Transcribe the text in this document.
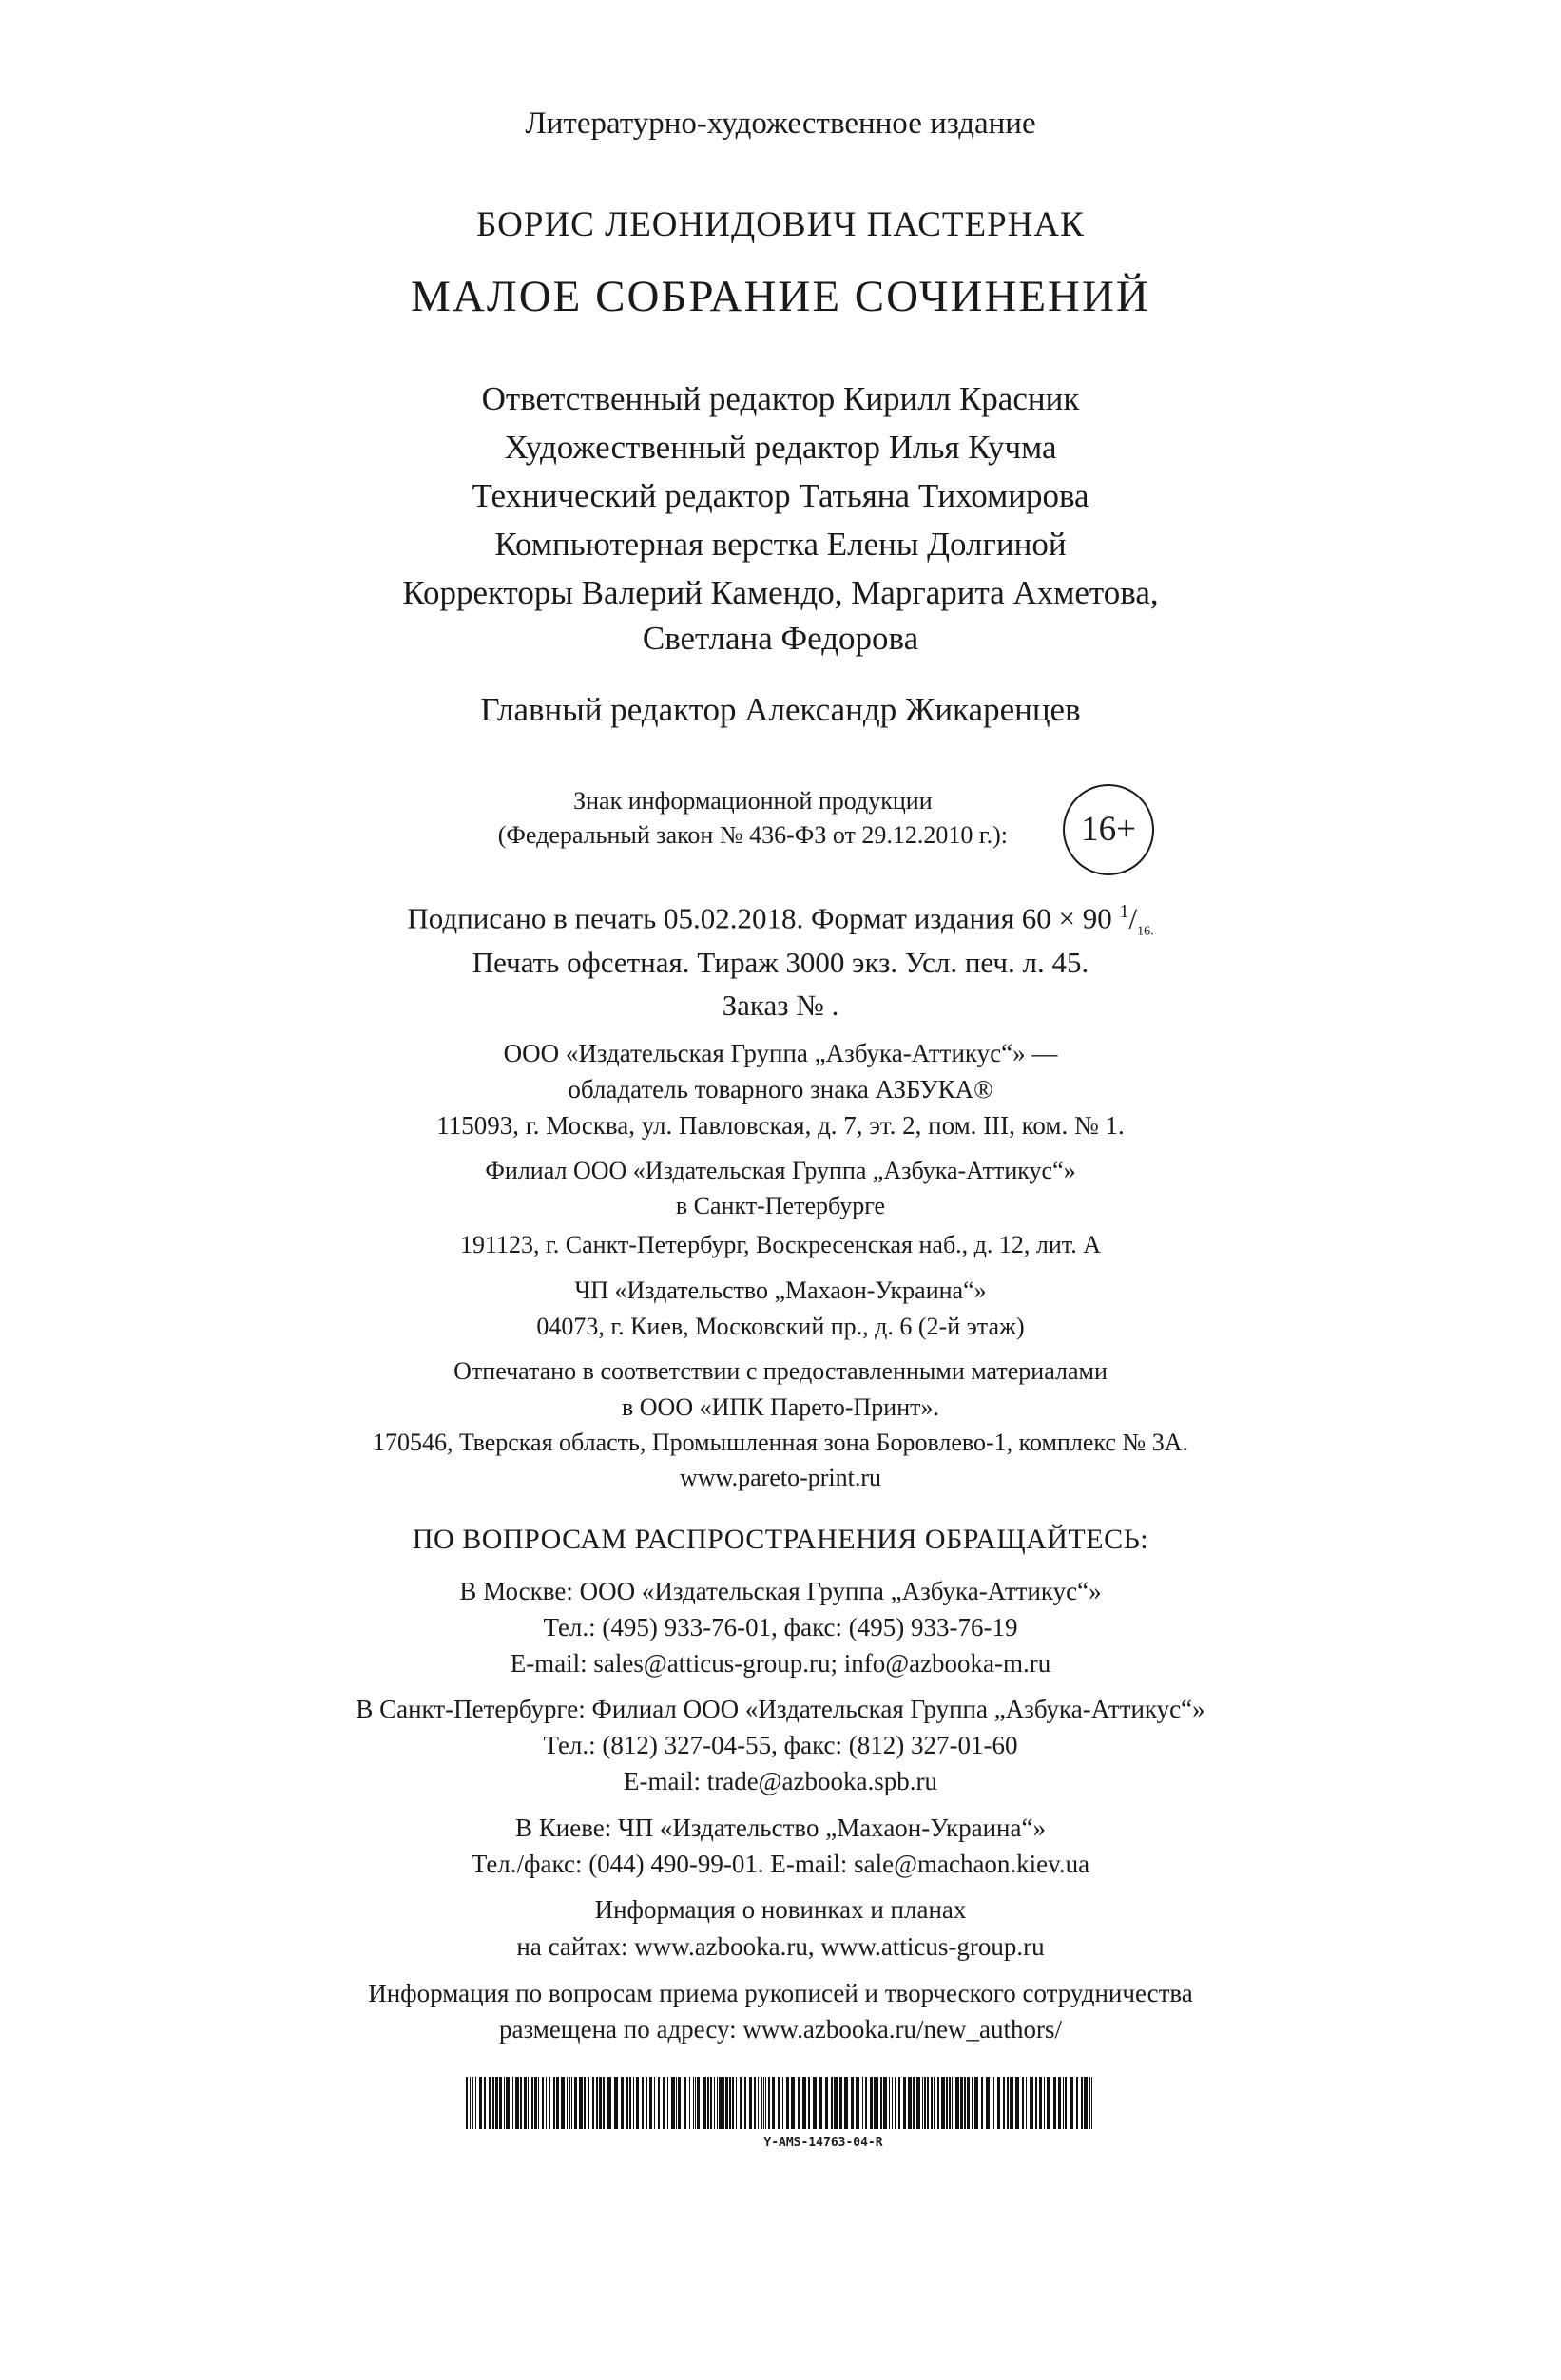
Литературно-художественное издание
БОРИС ЛЕОНИДОВИЧ ПАСТЕРНАК
МАЛОЕ СОБРАНИЕ СОЧИНЕНИЙ
Ответственный редактор Кирилл Красник
Художественный редактор Илья Кучма
Технический редактор Татьяна Тихомирова
Компьютерная верстка Елены Долгиной
Корректоры Валерий Камендо, Маргарита Ахметова,
Светлана Федорова
Главный редактор Александр Жикаренцев
Знак информационной продукции
(Федеральный закон № 436-ФЗ от 29.12.2010 г.):	16+
Подписано в печать 05.02.2018. Формат издания 60 × 90 $^1/_{16.}$
Печать офсетная. Тираж 3000 экз. Усл. печ. л. 45.
Заказ № .
ООО «Издательская Группа „Азбука-Аттикус“» —
обладатель товарного знака АЗБУКА®
115093, г. Москва, ул. Павловская, д. 7, эт. 2, пом. III, ком. № 1.
Филиал ООО «Издательская Группа „Азбука-Аттикус“»
в Санкт-Петербурге
191123, г. Санкт-Петербург, Воскресенская наб., д. 12, лит. А
ЧП «Издательство „Махаон-Украина“»
04073, г. Киев, Московский пр., д. 6 (2-й этаж)
Отпечатано в соответствии с предоставленными материалами
в ООО «ИПК Парето-Принт».
170546, Тверская область, Промышленная зона Боровлево-1, комплекс № 3А.
www.pareto-print.ru
ПО ВОПРОСАМ РАСПРОСТРАНЕНИЯ ОБРАЩАЙТЕСЬ:
В Москве: ООО «Издательская Группа „Азбука-Аттикус“»
Тел.: (495) 933-76-01, факс: (495) 933-76-19
E-mail: sales@atticus-group.ru; info@azbooka-m.ru
В Санкт-Петербурге: Филиал ООО «Издательская Группа „Азбука-Аттикус“»
Тел.: (812) 327-04-55, факс: (812) 327-01-60
E-mail: trade@azbooka.spb.ru
В Киеве: ЧП «Издательство „Махаон-Украина“»
Тел./факс: (044) 490-99-01. E-mail: sale@machaon.kiev.ua
Информация о новинках и планах
на сайтах: www.azbooka.ru, www.atticus-group.ru
Информация по вопросам приема рукописей и творческого сотрудничества
размещена по адресу: www.azbooka.ru/new_authors/
Y-AMS-14763-04-R
